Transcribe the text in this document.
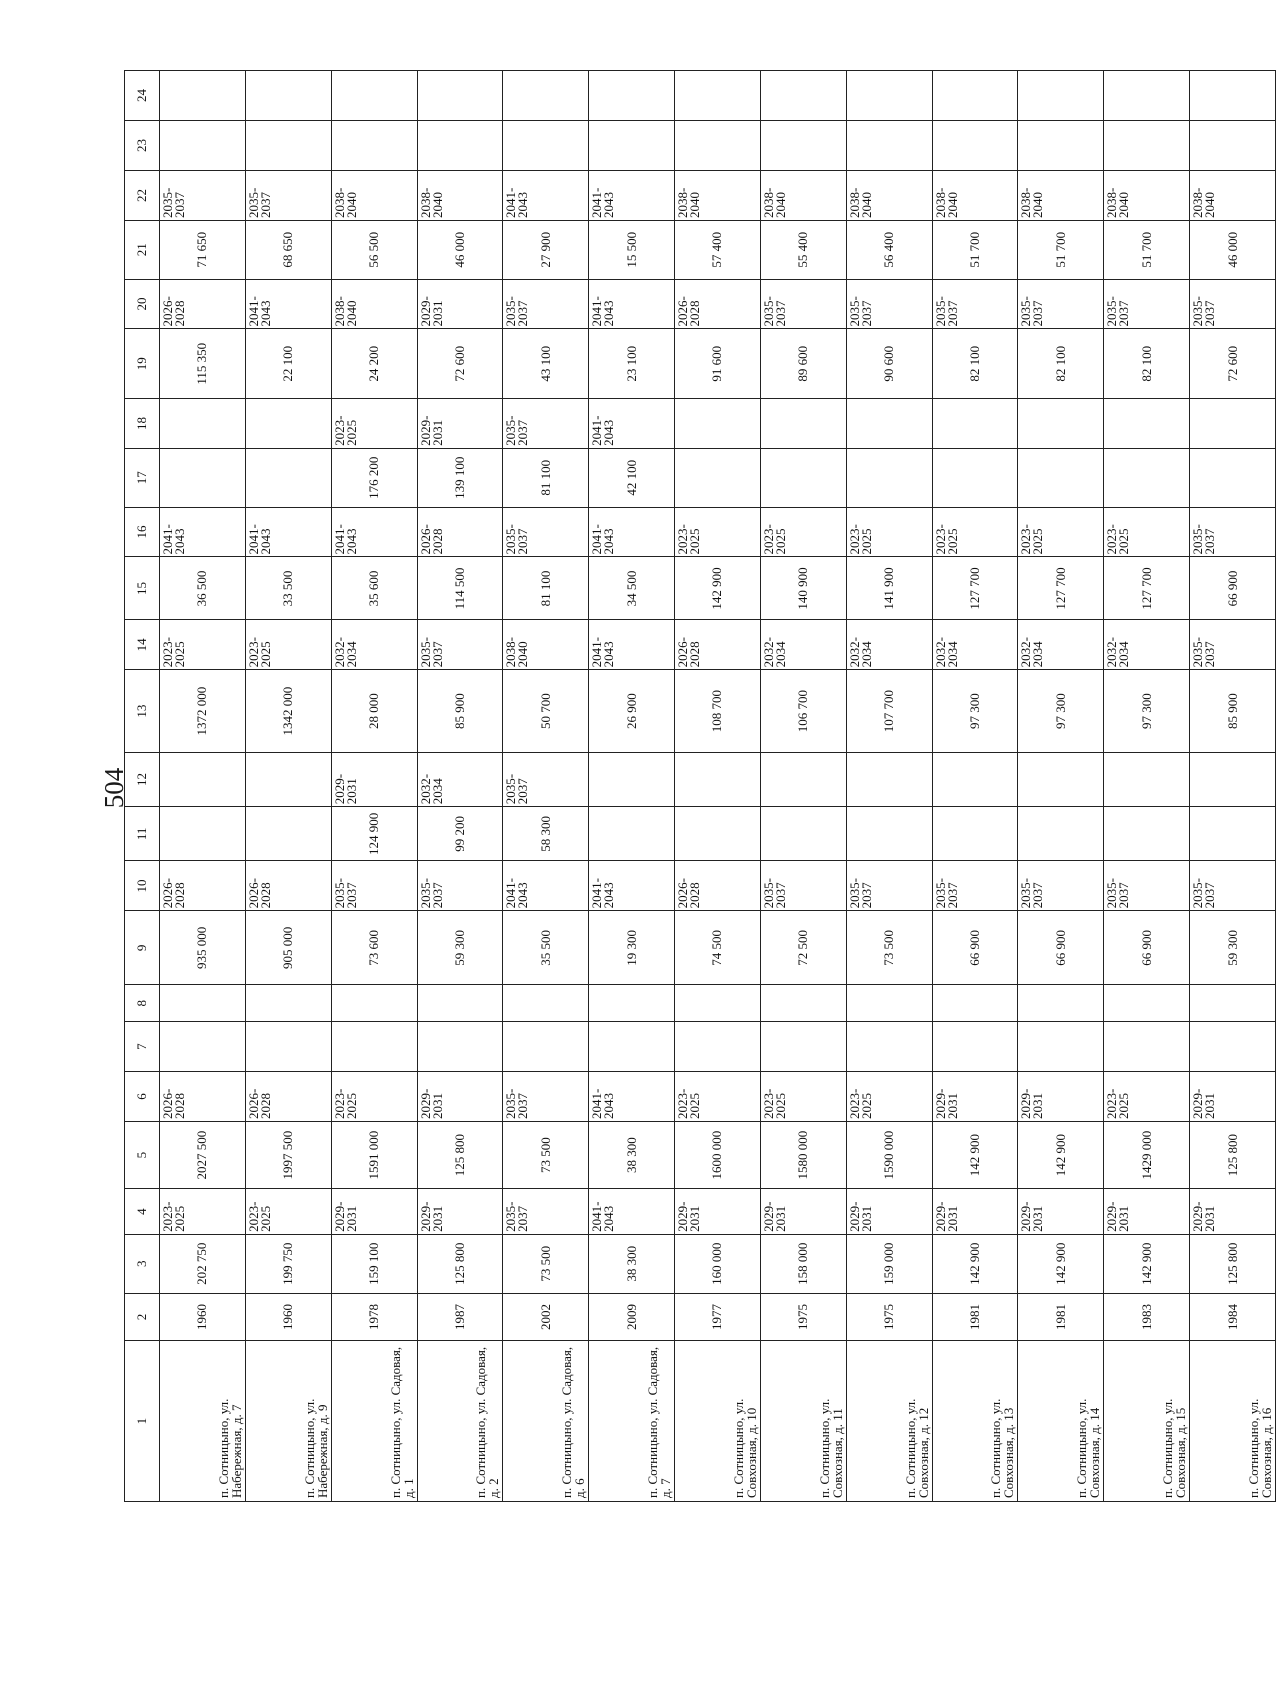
504
1	2	3	4	5	6	7	8	9	10	11	12	13	14	15	16	17	18	19	20	21	22	23	24
п. Сотницыно, ул. Набережная, д. 7	1960	202 750	2023-2025	2027 500	2026-2028			935 000	2026-2028			1372 000	2023-2025	36 500	2041-2043			115 350	2026-2028	71 650	2035-2037		
п. Сотницыно, ул. Набережная, д. 9	1960	199 750	2023-2025	1997 500	2026-2028			905 000	2026-2028			1342 000	2023-2025	33 500	2041-2043			22 100	2041-2043	68 650	2035-2037		
п. Сотницыно, ул. Садовая, д. 1	1978	159 100	2029-2031	1591 000	2023-2025			73 600	2035-2037	124 900	2029-2031	28 000	2032-2034	35 600	2041-2043	176 200	2023-2025	24 200	2038-2040	56 500	2038-2040		
п. Сотницыно, ул. Садовая, д. 2	1987	125 800	2029-2031	125 800	2029-2031			59 300	2035-2037	99 200	2032-2034	85 900	2035-2037	114 500	2026-2028	139 100	2029-2031	72 600	2029-2031	46 000	2038-2040		
п. Сотницыно, ул. Садовая, д. 6	2002	73 500	2035-2037	73 500	2035-2037			35 500	2041-2043	58 300	2035-2037	50 700	2038-2040	81 100	2035-2037	81 100	2035-2037	43 100	2035-2037	27 900	2041-2043		
п. Сотницыно, ул. Садовая, д. 7	2009	38 300	2041-2043	38 300	2041-2043			19 300	2041-2043			26 900	2041-2043	34 500	2041-2043	42 100	2041-2043	23 100	2041-2043	15 500	2041-2043		
п. Сотницыно, ул. Совхозная, д. 10	1977	160 000	2029-2031	1600 000	2023-2025			74 500	2026-2028			108 700	2026-2028	142 900	2023-2025			91 600	2026-2028	57 400	2038-2040		
п. Сотницыно, ул. Совхозная, д. 11	1975	158 000	2029-2031	1580 000	2023-2025			72 500	2035-2037			106 700	2032-2034	140 900	2023-2025			89 600	2035-2037	55 400	2038-2040		
п. Сотницыно, ул. Совхозная, д. 12	1975	159 000	2029-2031	1590 000	2023-2025			73 500	2035-2037			107 700	2032-2034	141 900	2023-2025			90 600	2035-2037	56 400	2038-2040		
п. Сотницыно, ул. Совхозная, д. 13	1981	142 900	2029-2031	142 900	2029-2031			66 900	2035-2037			97 300	2032-2034	127 700	2023-2025			82 100	2035-2037	51 700	2038-2040		
п. Сотницыно, ул. Совхозная, д. 14	1981	142 900	2029-2031	142 900	2029-2031			66 900	2035-2037			97 300	2032-2034	127 700	2023-2025			82 100	2035-2037	51 700	2038-2040		
п. Сотницыно, ул. Совхозная, д. 15	1983	142 900	2029-2031	1429 000	2023-2025			66 900	2035-2037			97 300	2032-2034	127 700	2023-2025			82 100	2035-2037	51 700	2038-2040		
п. Сотницыно, ул. Совхозная, д. 16	1984	125 800	2029-2031	125 800	2029-2031			59 300	2035-2037			85 900	2035-2037	66 900	2035-2037			72 600	2035-2037	46 000	2038-2040		
